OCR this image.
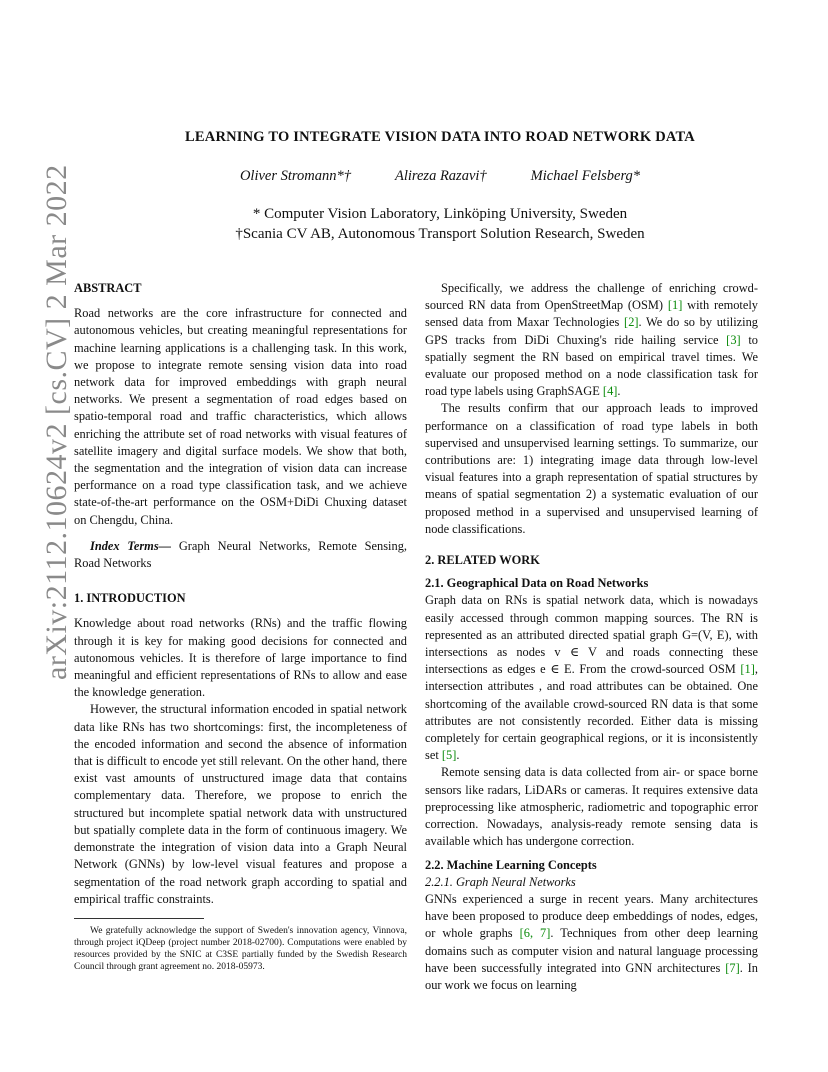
arXiv:2112.10624v2 [cs.CV] 2 Mar 2022
LEARNING TO INTEGRATE VISION DATA INTO ROAD NETWORK DATA
Oliver Stromann*†	Alireza Razavi†	Michael Felsberg*
* Computer Vision Laboratory, Linköping University, Sweden
†Scania CV AB, Autonomous Transport Solution Research, Sweden

ABSTRACT

Road networks are the core infrastructure for connected and autonomous vehicles, but creating meaningful representations for machine learning applications is a challenging task. In this work, we propose to integrate remote sensing vision data into road network data for improved embeddings with graph neural networks. We present a segmentation of road edges based on spatio-temporal road and traffic characteristics, which allows enriching the attribute set of road networks with visual features of satellite imagery and digital surface models. We show that both, the segmentation and the integration of vision data can increase performance on a road type classification task, and we achieve state-of-the-art performance on the OSM+DiDi Chuxing dataset on Chengdu, China.

Index Terms— Graph Neural Networks, Remote Sensing, Road Networks

1. INTRODUCTION

Knowledge about road networks (RNs) and the traffic flowing through it is key for making good decisions for connected and autonomous vehicles. It is therefore of large importance to find meaningful and efficient representations of RNs to allow and ease the knowledge generation.

However, the structural information encoded in spatial network data like RNs has two shortcomings: first, the incompleteness of the encoded information and second the absence of information that is difficult to encode yet still relevant. On the other hand, there exist vast amounts of unstructured image data that contains complementary data. Therefore, we propose to enrich the structured but incomplete spatial network data with unstructured but spatially complete data in the form of continuous imagery. We demonstrate the integration of vision data into a Graph Neural Network (GNNs) by low-level visual features and propose a segmentation of the road network graph according to spatial and empirical traffic constraints.

We gratefully acknowledge the support of Sweden's innovation agency, Vinnova, through project iQDeep (project number 2018-02700). Computations were enabled by resources provided by the SNIC at C3SE partially funded by the Swedish Research Council through grant agreement no. 2018-05973.

Specifically, we address the challenge of enriching crowd-sourced RN data from OpenStreetMap (OSM) [ 1 ] with remotely sensed data from Maxar Technologies [ 2 ] . We do so by utilizing GPS tracks from DiDi Chuxing's ride hailing service [ 3 ] to spatially segment the RN based on empirical travel times. We evaluate our proposed method on a node classification task for road type labels using GraphSAGE [ 4 ] .

The results confirm that our approach leads to improved performance on a classification of road type labels in both supervised and unsupervised learning settings. To summarize, our contributions are: 1) integrating image data through low-level visual features into a graph representation of spatial structures by means of spatial segmentation 2) a systematic evaluation of our proposed method in a supervised and unsupervised learning of node classifications.

2. RELATED WORK

2.1. Geographical Data on Road Networks

Graph data on RNs is spatial network data, which is nowadays easily accessed through common mapping sources. The RN is represented as an attributed directed spatial graph G=(V, E), with intersections as nodes v ∈ V and roads connecting these intersections as edges e ∈ E. From the crowd-sourced OSM [ 1 ] , intersection attributes , and road attributes can be obtained. One shortcoming of the available crowd-sourced RN data is that some attributes are not consistently recorded. Either data is missing completely for certain geographical regions, or it is inconsistently set [ 5 ] .

Remote sensing data is data collected from air- or space borne sensors like radars, LiDARs or cameras. It requires extensive data preprocessing like atmospheric, radiometric and topographic error correction. Nowadays, analysis-ready remote sensing data is available which has undergone correction.

2.2. Machine Learning Concepts

2.2.1. Graph Neural Networks

GNNs experienced a surge in recent years. Many architectures have been proposed to produce deep embeddings of nodes, edges, or whole graphs [ 6, 7 ] . Techniques from other deep learning domains such as computer vision and natural language processing have been successfully integrated into GNN architectures [ 7 ] . In our work we focus on learning
